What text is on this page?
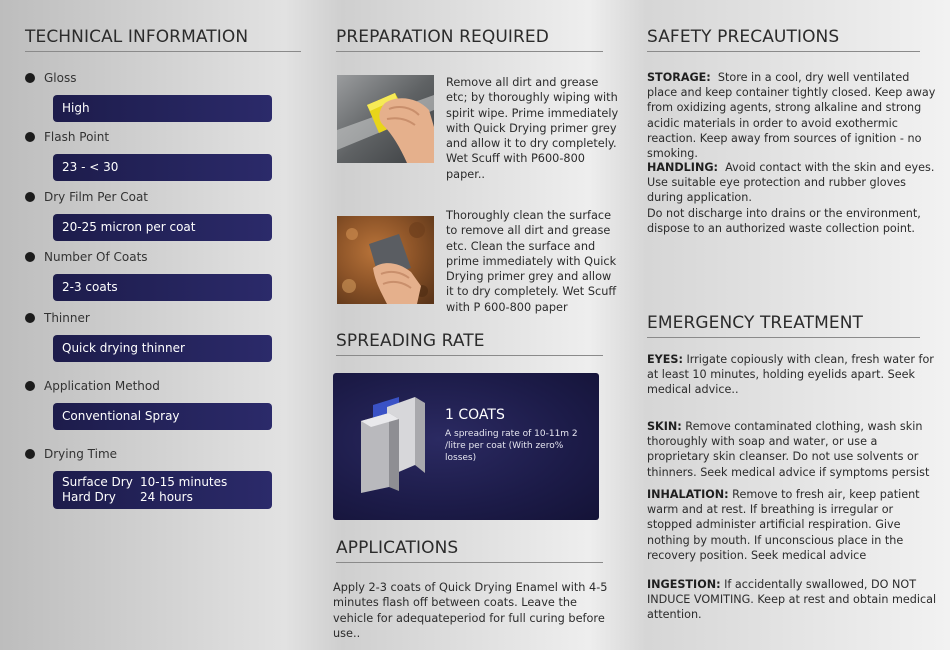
TECHNICAL INFORMATION
Gloss
High
Flash Point
23 - < 30
Dry Film Per Coat
20-25 micron per coat
Number Of Coats
2-3 coats
Thinner
Quick drying thinner
Application Method
Conventional Spray
Drying Time
Surface Dry 10-15 minutes
Hard Dry	24 hours
PREPARATION REQUIRED
Remove all dirt and grease etc; by thoroughly wiping with spirit wipe. Prime immediately with Quick Drying primer grey and allow it to dry completely. Wet Scuff with P600-800 paper..
Thoroughly clean the surface to remove all dirt and grease etc. Clean the surface and prime immediately with Quick Drying primer grey and allow it to dry completely. Wet Scuff with P 600-800 paper
SPREADING RATE
1 COATS
A spreading rate of 10-11m 2 /litre per coat (With zero% losses)
APPLICATIONS
Apply 2-3 coats of Quick Drying Enamel with 4-5 minutes flash off between coats. Leave the vehicle for adequateperiod for full curing before use..
SAFETY PRECAUTIONS
STORAGE: Store in a cool, dry well ventilated place and keep container tightly closed. Keep away from oxidizing agents, strong alkaline and strong acidic materials in order to avoid exothermic reaction. Keep away from sources of ignition - no smoking.
HANDLING: Avoid contact with the skin and eyes. Use suitable eye protection and rubber gloves during application.
Do not discharge into drains or the environment, dispose to an authorized waste collection point.
EMERGENCY TREATMENT
EYES: Irrigate copiously with clean, fresh water for at least 10 minutes, holding eyelids apart. Seek medical advice..
SKIN: Remove contaminated clothing, wash skin thoroughly with soap and water, or use a proprietary skin cleanser. Do not use solvents or thinners. Seek medical advice if symptoms persist
INHALATION: Remove to fresh air, keep patient warm and at rest. If breathing is irregular or stopped administer artificial respiration. Give nothing by mouth. If unconscious place in the recovery position. Seek medical advice
INGESTION: If accidentally swallowed, DO NOT INDUCE VOMITING. Keep at rest and obtain medical attention.
